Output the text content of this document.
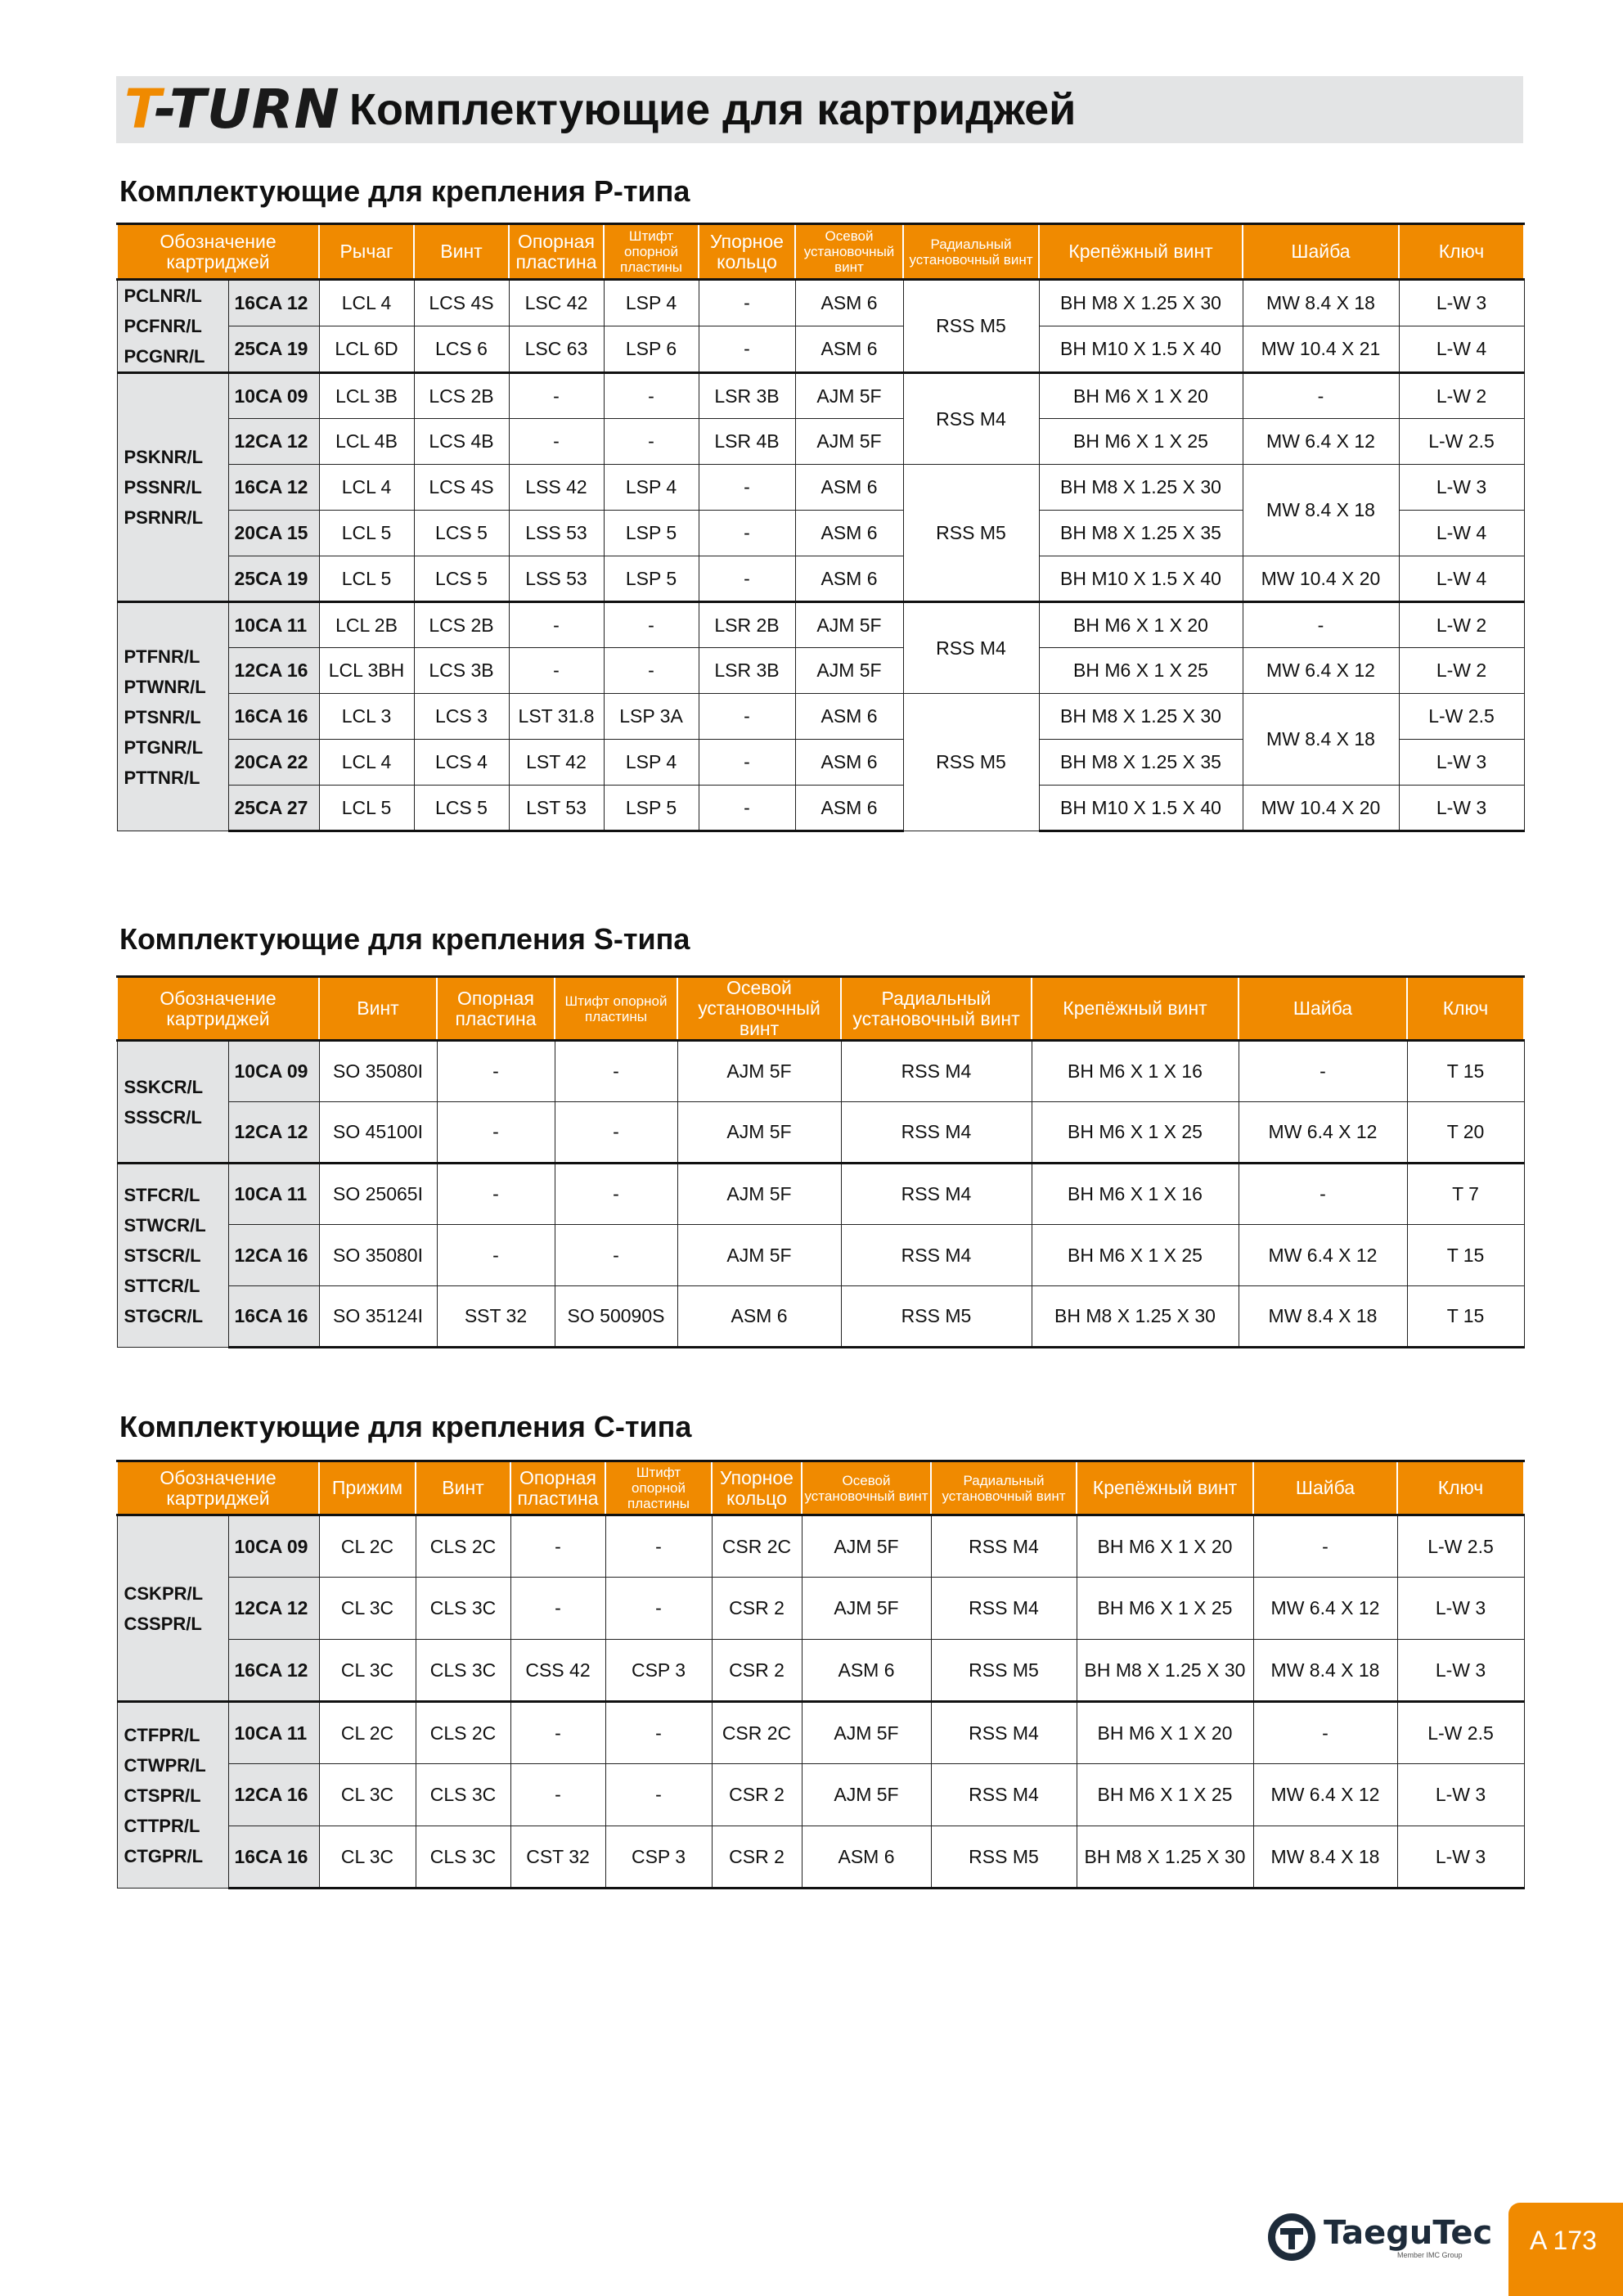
T-TURN Комплектующие для картриджей
Комплектующие для крепления P-типа
Обозначение картриджей		Рычаг	Винт	Опорная пластина	Штифт опорной пластины	Упорное кольцо	Осевой установочный винт	Радиальный установочный винт	Крепёжный винт	Шайба	Ключ
PCLNR/L PCFNR/L PCGNR/L	16CA 12	LCL 4	LCS 4S	LSC 42	LSP 4	-	ASM 6	RSS M5	BH M8 X 1.25 X 30	MW 8.4 X 18	L-W 3
	25CA 19	LCL 6D	LCS 6	LSC 63	LSP 6	-	ASM 6		BH M10 X 1.5 X 40	MW 10.4 X 21	L-W 4
PSKNR/L PSSNR/L PSRNR/L	10CA 09	LCL 3B	LCS 2B	-	-	LSR 3B	AJM 5F	RSS M4	BH M6 X 1 X 20	-	L-W 2
	12CA 12	LCL 4B	LCS 4B	-	-	LSR 4B	AJM 5F		BH M6 X 1 X 25	MW 6.4 X 12	L-W 2.5
	16CA 12	LCL 4	LCS 4S	LSS 42	LSP 4	-	ASM 6	RSS M5	BH M8 X 1.25 X 30	MW 8.4 X 18	L-W 3
	20CA 15	LCL 5	LCS 5	LSS 53	LSP 5	-	ASM 6		BH M8 X 1.25 X 35		L-W 4
	25CA 19	LCL 5	LCS 5	LSS 53	LSP 5	-	ASM 6		BH M10 X 1.5 X 40	MW 10.4 X 20	L-W 4
PTFNR/L PTWNR/L PTSNR/L PTGNR/L PTTNR/L	10CA 11	LCL 2B	LCS 2B	-	-	LSR 2B	AJM 5F	RSS M4	BH M6 X 1 X 20	-	L-W 2
	12CA 16	LCL 3BH	LCS 3B	-	-	LSR 3B	AJM 5F		BH M6 X 1 X 25	MW 6.4 X 12	L-W 2
	16CA 16	LCL 3	LCS 3	LST 31.8	LSP 3A	-	ASM 6	RSS M5	BH M8 X 1.25 X 30	MW 8.4 X 18	L-W 2.5
	20CA 22	LCL 4	LCS 4	LST 42	LSP 4	-	ASM 6		BH M8 X 1.25 X 35		L-W 3
	25CA 27	LCL 5	LCS 5	LST 53	LSP 5	-	ASM 6		BH M10 X 1.5 X 40	MW 10.4 X 20	L-W 3
Комплектующие для крепления S-типа
Обозначение картриджей		Винт	Опорная пластина	Штифт опорной пластины	Осевой установочный винт	Радиальный установочный винт	Крепёжный винт	Шайба	Ключ
SSKCR/L SSSCR/L	10CA 09	SO 35080I	-	-	AJM 5F	RSS M4	BH M6 X 1 X 16	-	T 15
	12CA 12	SO 45100I	-	-	AJM 5F	RSS M4	BH M6 X 1 X 25	MW 6.4 X 12	T 20
STFCR/L STWCR/L STSCR/L STTCR/L STGCR/L	10CA 11	SO 25065I	-	-	AJM 5F	RSS M4	BH M6 X 1 X 16	-	T 7
	12CA 16	SO 35080I	-	-	AJM 5F	RSS M4	BH M6 X 1 X 25	MW 6.4 X 12	T 15
	16CA 16	SO 35124I	SST 32	SO 50090S	ASM 6	RSS M5	BH M8 X 1.25 X 30	MW 8.4 X 18	T 15
Комплектующие для крепления C-типа
Обозначение картриджей		Прижим	Винт	Опорная пластина	Штифт опорной пластины	Упорное кольцо	Осевой установочный винт	Радиальный установочный винт	Крепёжный винт	Шайба	Ключ
CSKPR/L CSSPR/L	10CA 09	CL 2C	CLS 2C	-	-	CSR 2C	AJM 5F	RSS M4	BH M6 X 1 X 20	-	L-W 2.5
	12CA 12	CL 3C	CLS 3C	-	-	CSR 2	AJM 5F	RSS M4	BH M6 X 1 X 25	MW 6.4 X 12	L-W 3
	16CA 12	CL 3C	CLS 3C	CSS 42	CSP 3	CSR 2	ASM 6	RSS M5	BH M8 X 1.25 X 30	MW 8.4 X 18	L-W 3
CTFPR/L CTWPR/L CTSPR/L CTTPR/L CTGPR/L	10CA 11	CL 2C	CLS 2C	-	-	CSR 2C	AJM 5F	RSS M4	BH M6 X 1 X 20	-	L-W 2.5
	12CA 16	CL 3C	CLS 3C	-	-	CSR 2	AJM 5F	RSS M4	BH M6 X 1 X 25	MW 6.4 X 12	L-W 3
	16CA 16	CL 3C	CLS 3C	CST 32	CSP 3	CSR 2	ASM 6	RSS M5	BH M8 X 1.25 X 30	MW 8.4 X 18	L-W 3
TaeguTec
Member IMC Group	A 173
